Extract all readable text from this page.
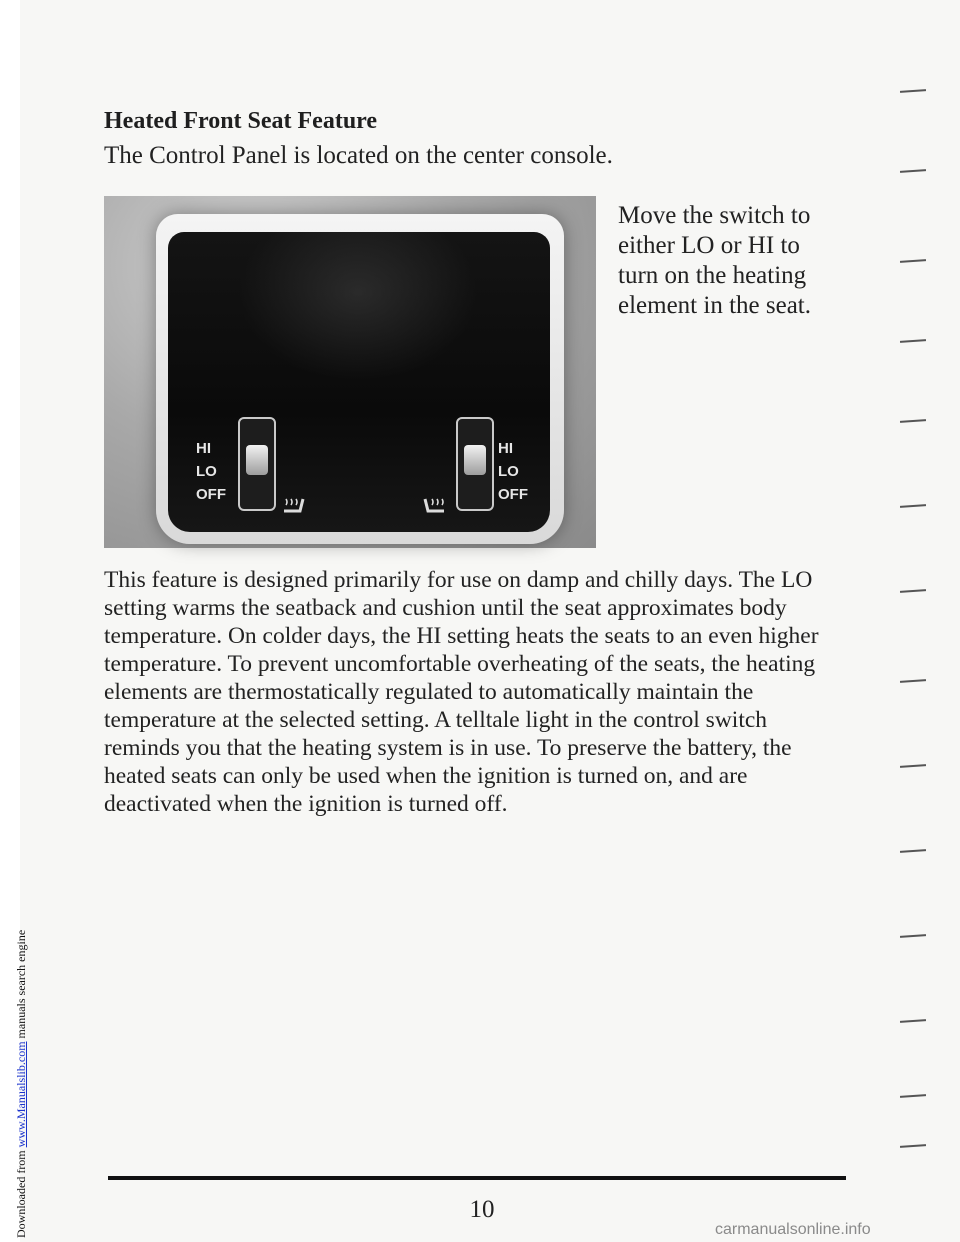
Downloaded from www.Manualslib.com manuals search engine
Heated Front Seat Feature
The Control Panel is located on the center console.
HI
LO
OFF
HI
LO
OFF
Move the switch to either LO or HI to turn on the heating element in the seat.
This feature is designed primarily for use on damp and chilly days. The LO setting warms the seatback and cushion until the seat approximates body temperature. On colder days, the HI setting heats the seats to an even higher temperature. To prevent uncomfortable overheating of the seats, the heating elements are thermostatically regulated to automatically maintain the temperature at the selected setting. A telltale light in the control switch reminds you that the heating system is in use. To preserve the battery, the heated seats can only be used when the ignition is turned on, and are deactivated when the ignition is turned off.
10
carmanualsonline.info
